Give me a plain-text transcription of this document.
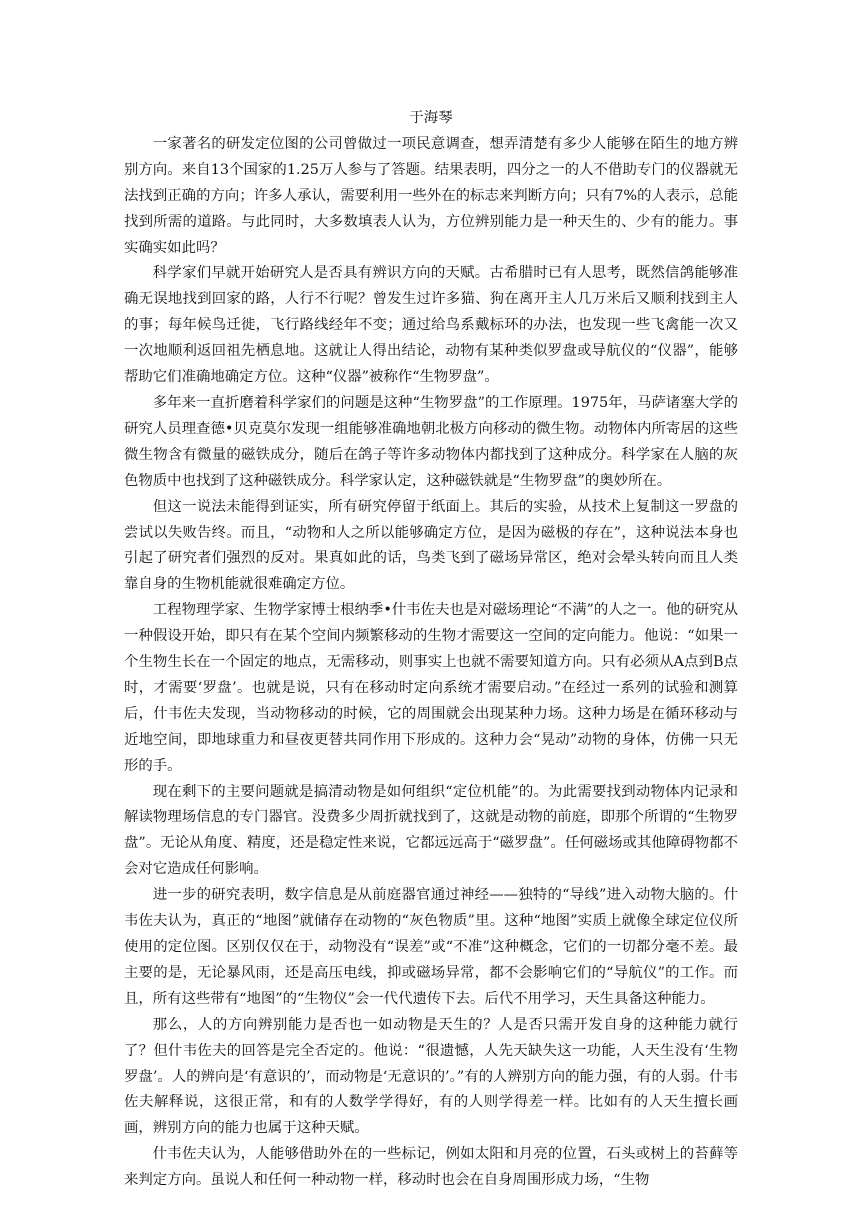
于海琴

一家著名的研发定位图的公司曾做过一项民意调查，想弄清楚有多少人能够在陌生的地方辨别方向。来自13个国家的1.25万人参与了答题。结果表明，四分之一的人不借助专门的仪器就无法找到正确的方向；许多人承认，需要利用一些外在的标志来判断方向；只有7%的人表示，总能找到所需的道路。与此同时，大多数填表人认为，方位辨别能力是一种天生的、少有的能力。事实确实如此吗？

科学家们早就开始研究人是否具有辨识方向的天赋。古希腊时已有人思考，既然信鸽能够准确无误地找到回家的路，人行不行呢？曾发生过许多猫、狗在离开主人几万米后又顺利找到主人的事；每年候鸟迁徙，飞行路线经年不变；通过给鸟系戴标环的办法，也发现一些飞禽能一次又一次地顺利返回祖先栖息地。这就让人得出结论，动物有某种类似罗盘或导航仪的“仪器”，能够帮助它们准确地确定方位。这种“仪器”被称作“生物罗盘”。

多年来一直折磨着科学家们的问题是这种“生物罗盘”的工作原理。1975年，马萨诸塞大学的研究人员理查德•贝克莫尔发现一组能够准确地朝北极方向移动的微生物。动物体内所寄居的这些微生物含有微量的磁铁成分，随后在鸽子等许多动物体内都找到了这种成分。科学家在人脑的灰色物质中也找到了这种磁铁成分。科学家认定，这种磁铁就是“生物罗盘”的奥妙所在。

但这一说法未能得到证实，所有研究停留于纸面上。其后的实验，从技术上复制这一罗盘的尝试以失败告终。而且，“动物和人之所以能够确定方位，是因为磁极的存在”，这种说法本身也引起了研究者们强烈的反对。果真如此的话，鸟类飞到了磁场异常区，绝对会晕头转向而且人类靠自身的生物机能就很难确定方位。

工程物理学家、生物学家博士根纳季•什韦佐夫也是对磁场理论“不满”的人之一。他的研究从一种假设开始，即只有在某个空间内频繁移动的生物才需要这一空间的定向能力。他说：“如果一个生物生长在一个固定的地点，无需移动，则事实上也就不需要知道方向。只有必须从A点到B点时，才需要‘罗盘’。也就是说，只有在移动时定向系统才需要启动。”在经过一系列的试验和测算后，什韦佐夫发现，当动物移动的时候，它的周围就会出现某种力场。这种力场是在循环移动与近地空间，即地球重力和昼夜更替共同作用下形成的。这种力会“晃动”动物的身体，仿佛一只无形的手。

现在剩下的主要问题就是搞清动物是如何组织“定位机能”的。为此需要找到动物体内记录和解读物理场信息的专门器官。没费多少周折就找到了，这就是动物的前庭，即那个所谓的“生物罗盘”。无论从角度、精度，还是稳定性来说，它都远远高于“磁罗盘”。任何磁场或其他障碍物都不会对它造成任何影响。

进一步的研究表明，数字信息是从前庭器官通过神经——独特的“导线”进入动物大脑的。什韦佐夫认为，真正的“地图”就储存在动物的“灰色物质”里。这种“地图”实质上就像全球定位仪所使用的定位图。区别仅仅在于，动物没有“误差”或“不准”这种概念，它们的一切都分毫不差。最主要的是，无论暴风雨，还是高压电线，抑或磁场异常，都不会影响它们的“导航仪”的工作。而且，所有这些带有“地图”的“生物仪”会一代代遗传下去。后代不用学习，天生具备这种能力。

那么，人的方向辨别能力是否也一如动物是天生的？人是否只需开发自身的这种能力就行了？但什韦佐夫的回答是完全否定的。他说：“很遗憾，人先天缺失这一功能，人天生没有‘生物罗盘’。人的辨向是‘有意识的’，而动物是‘无意识的’。”有的人辨别方向的能力强，有的人弱。什韦佐夫解释说，这很正常，和有的人数学学得好，有的人则学得差一样。比如有的人天生擅长画画，辨别方向的能力也属于这种天赋。

什韦佐夫认为，人能够借助外在的一些标记，例如太阳和月亮的位置，石头或树上的苔藓等来判定方向。虽说人和任何一种动物一样，移动时也会在自身周围形成力场，“生物
